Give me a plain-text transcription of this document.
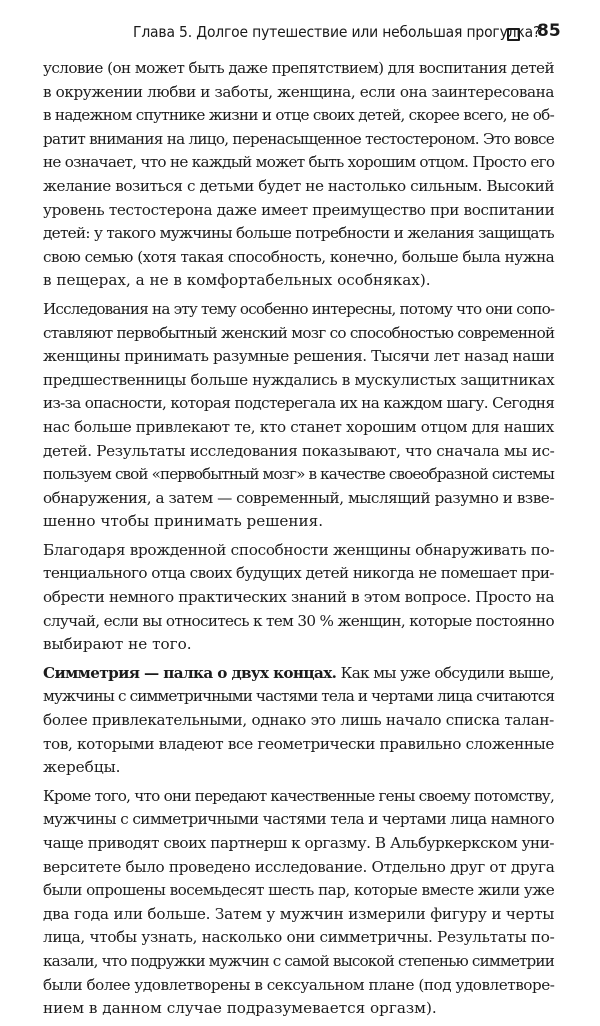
Глава 5. Долгое путешествие или небольшая прогулка?
85
условие (он может быть даже препятствием) для воспитания детей
в окружении любви и заботы, женщина, если она заинтересована
в надежном спутнике жизни и отце своих детей, скорее всего, не об-
ратит внимания на лицо, перенасыщенное тестостероном. Это вовсе
не означает, что не каждый может быть хорошим отцом. Просто его
желание возиться с детьми будет не настолько сильным. Высокий
уровень тестостерона даже имеет преимущество при воспитании
детей: у такого мужчины больше потребности и желания защищать
свою семью (хотя такая способность, конечно, больше была нужна
в пещерах, а не в комфортабельных особняках).
Исследования на эту тему особенно интересны, потому что они сопо-
ставляют первобытный женский мозг со способностью современной
женщины принимать разумные решения. Тысячи лет назад наши
предшественницы больше нуждались в мускулистых защитниках
из-за опасности, которая подстерегала их на каждом шагу. Сегодня
нас больше привлекают те, кто станет хорошим отцом для наших
детей. Результаты исследования показывают, что сначала мы ис-
пользуем свой «первобытный мозг» в качестве своеобразной системы
обнаружения, а затем — современный, мыслящий разумно и взве-
шенно чтобы принимать решения.
Благодаря врожденной способности женщины обнаруживать по-
тенциального отца своих будущих детей никогда не помешает при-
обрести немного практических знаний в этом вопросе. Просто на
случай, если вы относитесь к тем 30 % женщин, которые постоянно
выбирают не того.
Симметрия — палка о двух концах. Как мы уже обсудили выше,
мужчины с симметричными частями тела и чертами лица считаются
более привлекательными, однако это лишь начало списка талан-
тов, которыми владеют все геометрически правильно сложенные
жеребцы.
Кроме того, что они передают качественные гены своему потомству,
мужчины с симметричными частями тела и чертами лица намного
чаще приводят своих партнерш к оргазму. В Альбуркеркском уни-
верситете было проведено исследование. Отдельно друг от друга
были опрошены восемьдесят шесть пар, которые вместе жили уже
два года или больше. Затем у мужчин измерили фигуру и черты
лица, чтобы узнать, насколько они симметричны. Результаты по-
казали, что подружки мужчин с самой высокой степенью симметрии
были более удовлетворены в сексуальном плане (под удовлетворе-
нием в данном случае подразумевается оргазм).
